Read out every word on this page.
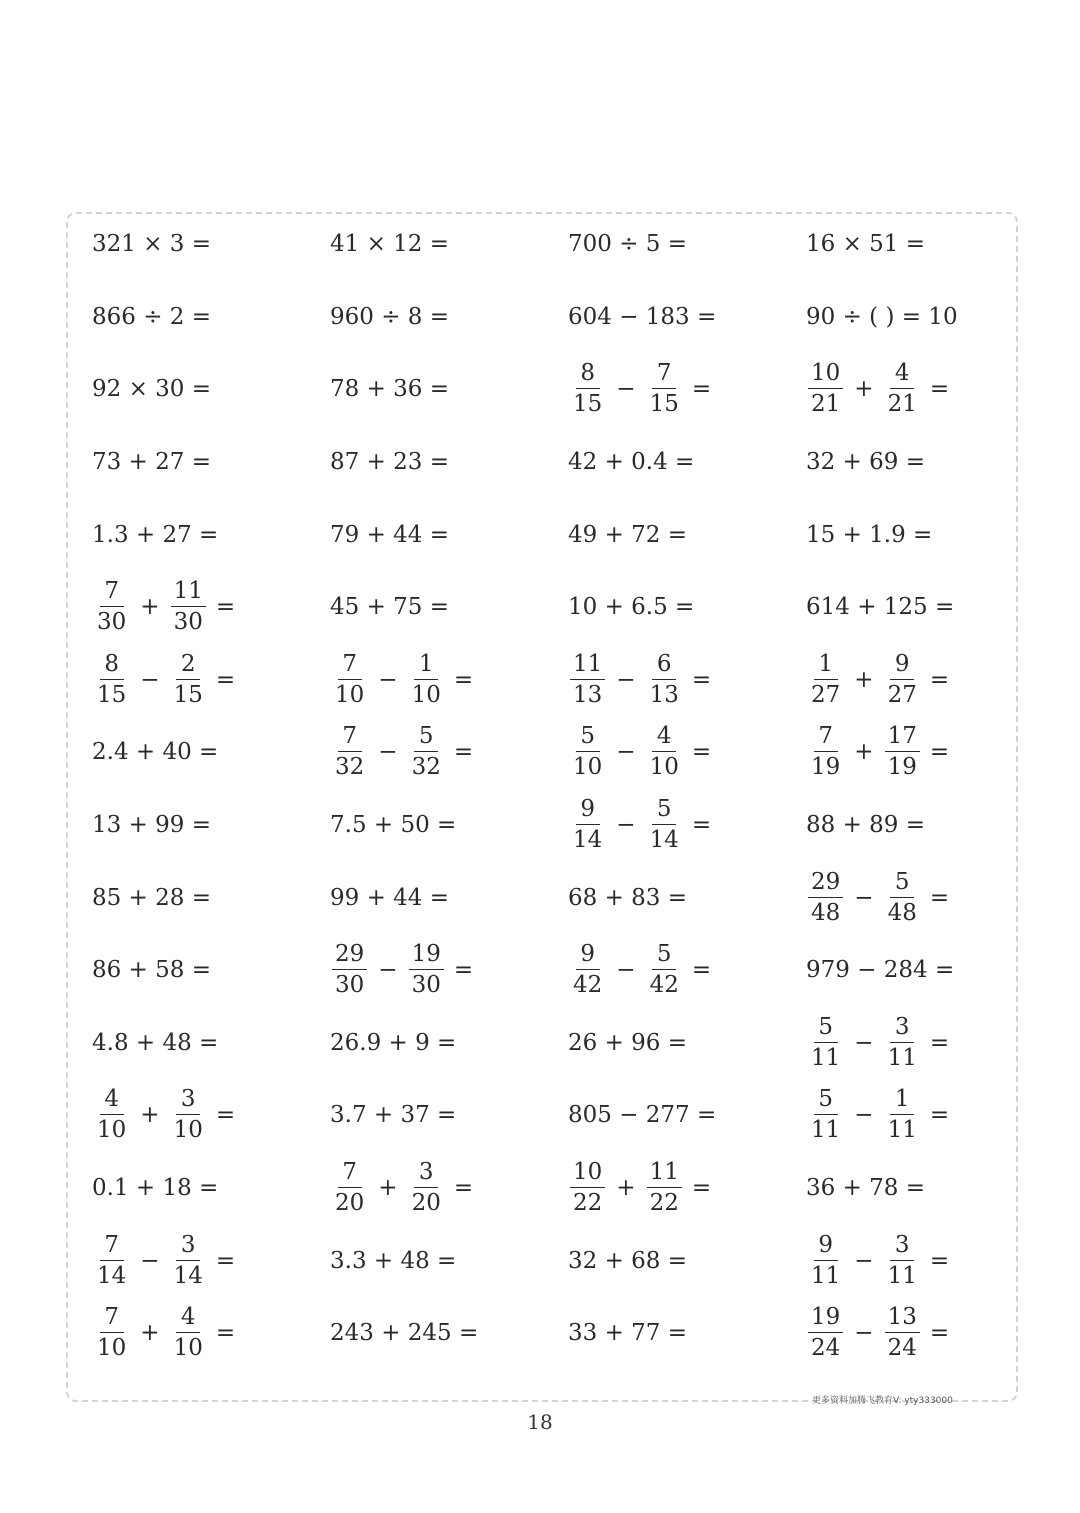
321 × 3 =	41 × 12 =	700 ÷ 5 =	16 × 51 =
866 ÷ 2 =	960 ÷ 8 =	604 − 183 =	90 ÷ ( ) = 10
92 × 30 =	78 + 36 =	$\frac{8}{15} - \frac{7}{15}$ =	$\frac{10}{21} + \frac{4}{21}$ =
73 + 27 =	87 + 23 =	42 + 0.4 =	32 + 69 =
1.3 + 27 =	79 + 44 =	49 + 72 =	15 + 1.9 =
$\frac{7}{30} + \frac{11}{30}$ =	45 + 75 =	10 + 6.5 =	614 + 125 =
$\frac{8}{15} - \frac{2}{15}$ =	$\frac{7}{10} - \frac{1}{10}$ =	$\frac{11}{13} - \frac{6}{13}$ =	$\frac{1}{27} + \frac{9}{27}$ =
2.4 + 40 =	$\frac{7}{32} - \frac{5}{32}$ =	$\frac{5}{10} - \frac{4}{10}$ =	$\frac{7}{19} + \frac{17}{19}$ =
13 + 99 =	7.5 + 50 =	$\frac{9}{14} - \frac{5}{14}$ =	88 + 89 =
85 + 28 =	99 + 44 =	68 + 83 =	$\frac{29}{48} - \frac{5}{48}$ =
86 + 58 =	$\frac{29}{30} - \frac{19}{30}$ =	$\frac{9}{42} - \frac{5}{42}$ =	979 − 284 =
4.8 + 48 =	26.9 + 9 =	26 + 96 =	$\frac{5}{11} - \frac{3}{11}$ =
$\frac{4}{10} + \frac{3}{10}$ =	3.7 + 37 =	805 − 277 =	$\frac{5}{11} - \frac{1}{11}$ =
0.1 + 18 =	$\frac{7}{20} + \frac{3}{20}$ =	$\frac{10}{22} + \frac{11}{22}$ =	36 + 78 =
$\frac{7}{14} - \frac{3}{14}$ =	3.3 + 48 =	32 + 68 =	$\frac{9}{11} - \frac{3}{11}$ =
$\frac{7}{10} + \frac{4}{10}$ =	243 + 245 =	33 + 77 =	$\frac{19}{24} - \frac{13}{24}$ =
更多资料加腾飞教育V: yty333000
18
